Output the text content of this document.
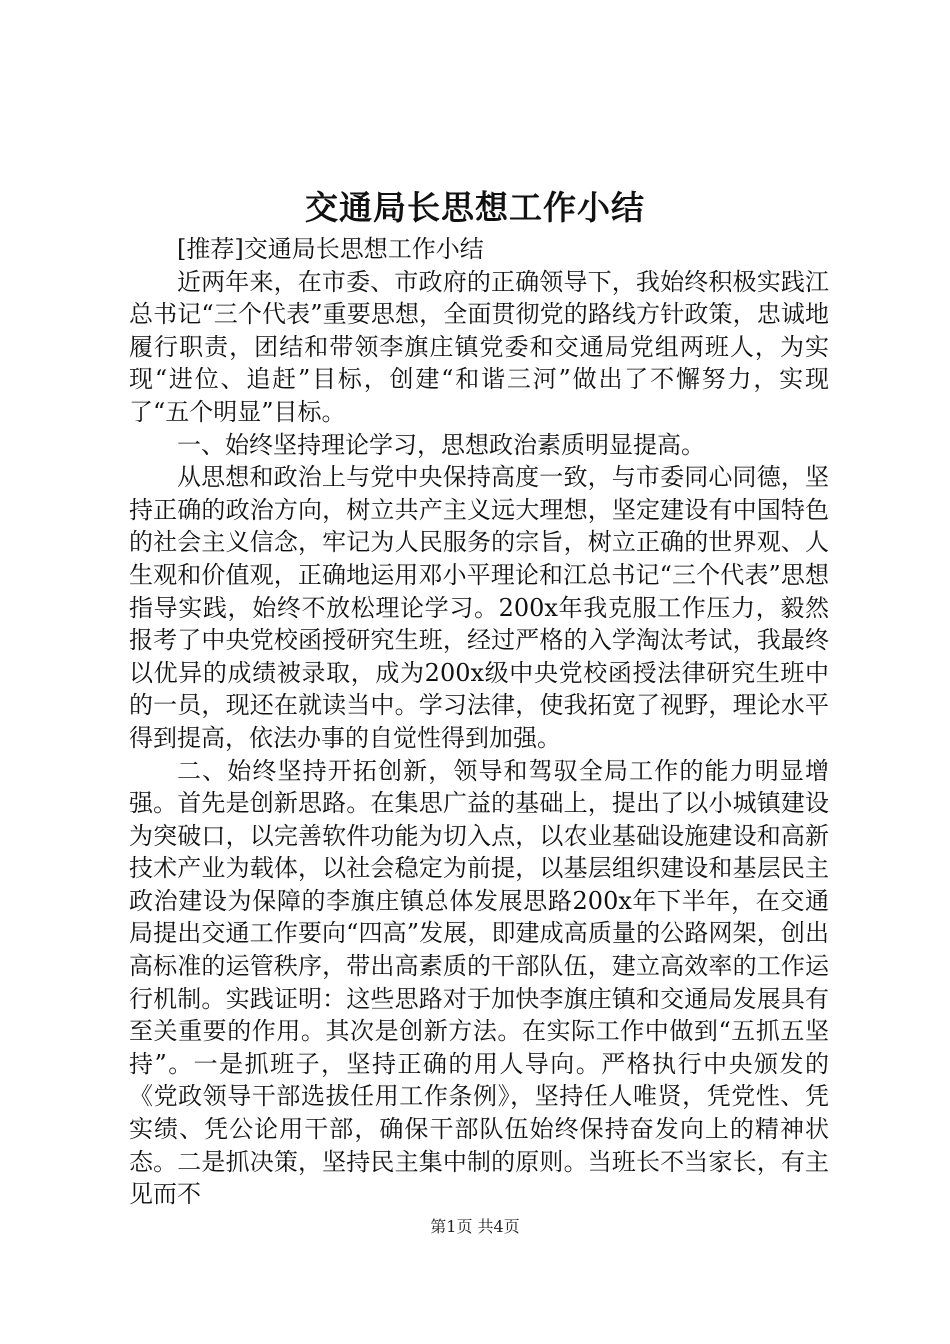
交通局长思想工作小结

[推荐]交通局长思想工作小结

近两年来，在市委、市政府的正确领导下，我始终积极实践江总书记“三个代表”重要思想，全面贯彻党的路线方针政策，忠诚地履行职责，团结和带领李旗庄镇党委和交通局党组两班人，为实现“进位、追赶”目标，创建“和谐三河”做出了不懈努力，实现了“五个明显”目标。

一、始终坚持理论学习，思想政治素质明显提高。

从思想和政治上与党中央保持高度一致，与市委同心同德，坚持正确的政治方向，树立共产主义远大理想，坚定建设有中国特色的社会主义信念，牢记为人民服务的宗旨，树立正确的世界观、人生观和价值观，正确地运用邓小平理论和江总书记“三个代表”思想指导实践，始终不放松理论学习。200x年我克服工作压力，毅然报考了中央党校函授研究生班，经过严格的入学淘汰考试，我最终以优异的成绩被录取，成为200x级中央党校函授法律研究生班中的一员，现还在就读当中。学习法律，使我拓宽了视野，理论水平得到提高，依法办事的自觉性得到加强。

二、始终坚持开拓创新，领导和驾驭全局工作的能力明显增强。首先是创新思路。在集思广益的基础上，提出了以小城镇建设为突破口，以完善软件功能为切入点，以农业基础设施建设和高新技术产业为载体，以社会稳定为前提，以基层组织建设和基层民主政治建设为保障的李旗庄镇总体发展思路200x年下半年，在交通局提出交通工作要向“四高”发展，即建成高质量的公路网架，创出高标准的运管秩序，带出高素质的干部队伍，建立高效率的工作运行机制。实践证明：这些思路对于加快李旗庄镇和交通局发展具有至关重要的作用。其次是创新方法。在实际工作中做到“五抓五坚持”。一是抓班子，坚持正确的用人导向。严格执行中央颁发的《党政领导干部选拔任用工作条例》，坚持任人唯贤，凭党性、凭实绩、凭公论用干部，确保干部队伍始终保持奋发向上的精神状态。二是抓决策，坚持民主集中制的原则。当班长不当家长，有主见而不

第1页 共4页
